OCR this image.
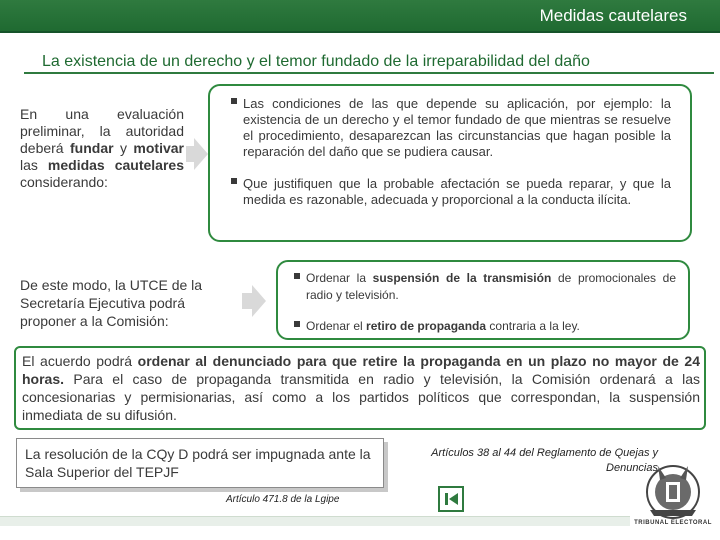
Medidas cautelares
La existencia de un derecho y el temor fundado de la irreparabilidad del daño
En una evaluación preliminar, la autoridad deberá fundar y motivar las medidas cautelares considerando:
Las condiciones de las que depende su aplicación, por ejemplo: la existencia de un derecho y el temor fundado de que mientras se resuelve el procedimiento, desaparezcan las circunstancias que hagan posible la reparación del daño que se pudiera causar.
Que justifiquen que la probable afectación se pueda reparar, y que la medida es razonable, adecuada y proporcional a la conducta ilícita.
De este modo, la UTCE de la Secretaría Ejecutiva podrá proponer a la Comisión:
Ordenar la suspensión de la transmisión de promocionales de radio y televisión.
Ordenar el retiro de propaganda contraria a la ley.
El acuerdo podrá ordenar al denunciado para que retire la propaganda en un plazo no mayor de 24 horas. Para el caso de propaganda transmitida en radio y televisión, la Comisión ordenará a las concesionarias y permisionarias, así como a los partidos políticos que correspondan, la suspensión inmediata de su difusión.
La resolución de la CQy D podrá ser impugnada ante la Sala Superior del TEPJF
Artículos 38 al 44 del Reglamento de Quejas y Denuncias
Artículo 471.8 de la Lgipe
TRIBUNAL ELECTORAL
